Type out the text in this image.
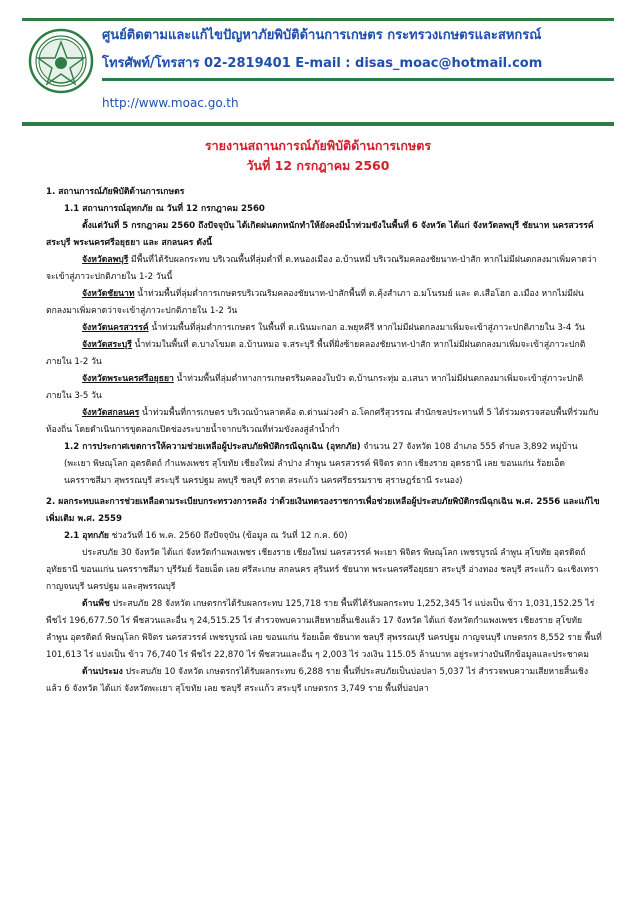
ศูนย์ติดตามและแก้ไขปัญหาภัยพิบัติด้านการเกษตร กระทรวงเกษตรและสหกรณ์
โทรศัพท์/โทรสาร 02-2819401 E-mail : disas_moac@hotmail.com
http://www.moac.go.th
รายงานสถานการณ์ภัยพิบัติด้านการเกษตร
วันที่ 12 กรกฎาคม 2560

1. สถานการณ์ภัยพิบัติด้านการเกษตร

1.1 สถานการณ์อุทกภัย ณ วันที่ 12 กรกฎาคม 2560

ตั้งแต่วันที่ 5 กรกฎาคม 2560 ถึงปัจจุบัน ได้เกิดฝนตกหนักทำให้ยังคงมีน้ำท่วมขังในพื้นที่ 6 จังหวัด ได้แก่ จังหวัดลพบุรี ชัยนาท นครสวรรค์ สระบุรี พระนครศรีอยุธยา และ สกลนคร ดังนี้

จังหวัดลพบุรี มีพื้นที่ได้รับผลกระทบ บริเวณพื้นที่ลุ่มต่ำที่ ต.หนองเมือง อ.บ้านหมี่ บริเวณริมคลองชัยนาท-ป่าสัก หากไม่มีฝนตกลงมาเพิ่มคาดว่าจะเข้าสู่ภาวะปกติภายใน 1-2 วันนี้

จังหวัดชัยนาท น้ำท่วมพื้นที่ลุ่มต่ำการเกษตรบริเวณริมคลองชัยนาท-ป่าสักพื้นที่ ต.คุ้งสำเภา อ.มโนรมย์ และ ต.เสือโฮก อ.เมือง หากไม่มีฝนตกลงมาเพิ่มคาดว่าจะเข้าสู่ภาวะปกติภายใน 1-2 วัน

จังหวัดนครสวรรค์ น้ำท่วมพื้นที่ลุ่มต่ำการเกษตร ในพื้นที่ ต.เนินมะกอก อ.พยุหคีรี หากไม่มีฝนตกลงมาเพิ่มจะเข้าสู่ภาวะปกติภายใน 3-4 วัน

จังหวัดสระบุรี น้ำท่วมในพื้นที่ ต.บางโขมด อ.บ้านหมอ จ.สระบุรี พื้นที่ฝั่งซ้ายคลองชัยนาท-ป่าสัก หากไม่มีฝนตกลงมาเพิ่มจะเข้าสู่ภาวะปกติภายใน 1-2 วัน

จังหวัดพระนครศรีอยุธยา น้ำท่วมพื้นที่ลุ่มต่ำทางการเกษตรริมคลองใบบัว ต.บ้านกระทุ่ม อ.เสนา หากไม่มีฝนตกลงมาเพิ่มจะเข้าสู่ภาวะปกติภายใน 3-5 วัน

จังหวัดสกลนคร น้ำท่วมพื้นที่การเกษตร บริเวณบ้านลาดค้อ ต.ด่านม่วงคำ อ.โคกศรีสุวรรณ สำนักชลประทานที่ 5 ได้ร่วมตรวจสอบพื้นที่ร่วมกับท้องถิ่น โดยดำเนินการขุดลอกเปิดช่องระบายน้ำจากบริเวณที่ท่วมขังลงสู่ลำน้ำก่ำ

1.2 การประกาศเขตการให้ความช่วยเหลือผู้ประสบภัยพิบัติกรณีฉุกเฉิน (อุทกภัย) จำนวน 27 จังหวัด 108 อำเภอ 555 ตำบล 3,892 หมู่บ้าน (พะเยา พิษณุโลก อุตรดิตถ์ กำแพงเพชร สุโขทัย เชียงใหม่ ลำปาง ลำพูน นครสวรรค์ พิจิตร ตาก เชียงราย อุดรธานี เลย ขอนแก่น ร้อยเอ็ด นครราชสีมา สุพรรณบุรี สระบุรี นครปฐม ลพบุรี ชลบุรี ตราด สระแก้ว นครศรีธรรมราช สุราษฎร์ธานี ระนอง)

2. ผลกระทบและการช่วยเหลือตามระเบียบกระทรวงการคลัง ว่าด้วยเงินทดรองราชการเพื่อช่วยเหลือผู้ประสบภัยพิบัติกรณีฉุกเฉิน พ.ศ. 2556 และแก้ไขเพิ่มเติม พ.ศ. 2559

2.1 อุทกภัย ช่วงวันที่ 16 พ.ค. 2560 ถึงปัจจุบัน (ข้อมูล ณ วันที่ 12 ก.ค. 60)

ประสบภัย 30 จังหวัด ได้แก่ จังหวัดกำแพงเพชร เชียงราย เชียงใหม่ นครสวรรค์ พะเยา พิจิตร พิษณุโลก เพชรบูรณ์ ลำพูน สุโขทัย อุตรดิตถ์ อุทัยธานี ขอนแก่น นครราชสีมา บุรีรัมย์ ร้อยเอ็ด เลย ศรีสะเกษ สกลนคร สุรินทร์ ชัยนาท พระนครศรีอยุธยา สระบุรี อ่างทอง ชลบุรี สระแก้ว ฉะเชิงเทรา กาญจนบุรี นครปฐม และสุพรรณบุรี

ด้านพืช ประสบภัย 28 จังหวัด เกษตรกรได้รับผลกระทบ 125,718 ราย พื้นที่ได้รับผลกระทบ 1,252,345 ไร่ แบ่งเป็น ข้าว 1,031,152.25 ไร่ พืชไร่ 196,677.50 ไร่ พืชสวนและอื่น ๆ 24,515.25 ไร่ สำรวจพบความเสียหายสิ้นเชิงแล้ว 17 จังหวัด ได้แก่ จังหวัดกำแพงเพชร เชียงราย สุโขทัย ลำพูน อุตรดิตถ์ พิษณุโลก พิจิตร นครสวรรค์ เพชรบูรณ์ เลย ขอนแก่น ร้อยเอ็ด ชัยนาท ชลบุรี สุพรรณบุรี นครปฐม กาญจนบุรี เกษตรกร 8,552 ราย พื้นที่ 101,613 ไร่ แบ่งเป็น ข้าว 76,740 ไร่ พืชไร่ 22,870 ไร่ พืชสวนและอื่น ๆ 2,003 ไร่ วงเงิน 115.05 ล้านบาท อยู่ระหว่างบันทึกข้อมูลและประชาคม

ด้านประมง ประสบภัย 10 จังหวัด เกษตรกรได้รับผลกระทบ 6,288 ราย พื้นที่ประสบภัยเป็นบ่อปลา 5,037 ไร่ สำรวจพบความเสียหายสิ้นเชิงแล้ว 6 จังหวัด ได้แก่ จังหวัดพะเยา สุโขทัย เลย ชลบุรี สระแก้ว สระบุรี เกษตรกร 3,749 ราย พื้นที่บ่อปลา
